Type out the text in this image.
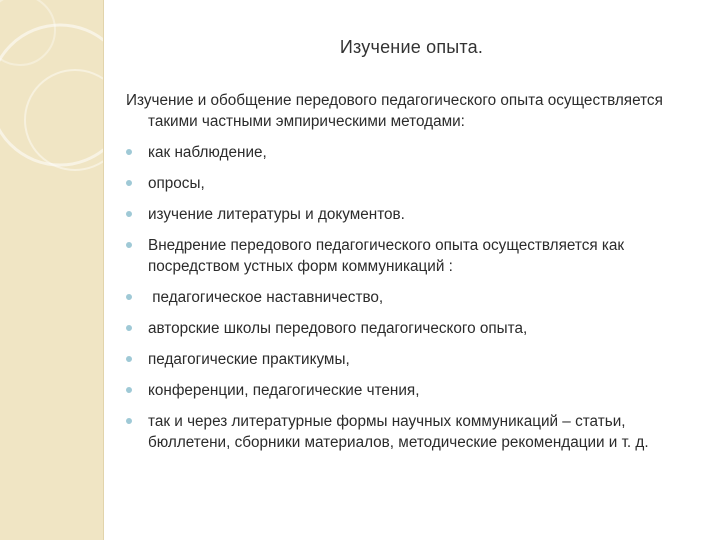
Изучение опыта.

Изучение и обобщение передового педагогического опыта осуществляется такими частными эмпирическими методами:

как наблюдение,
опросы,
изучение литературы и документов.
Внедрение передового педагогического опыта осуществляется как посредством устных форм коммуникаций :
педагогическое наставничество,
авторские школы передового педагогического опыта,
педагогические практикумы,
конференции, педагогические чтения,
так и через литературные формы научных коммуникаций – статьи, бюллетени, сборники материалов, методические рекомендации и т. д.
